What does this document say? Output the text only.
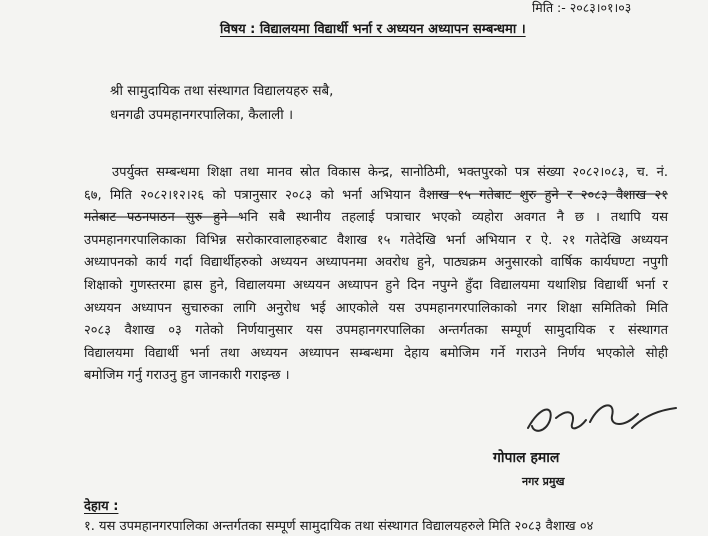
मिति :- २०८३।०१।०३
विषय : विद्यालयमा विद्यार्थी भर्ना र अध्ययन अध्यापन सम्बन्धमा ।
श्री सामुदायिक तथा संस्थागत विद्यालयहरु सबै,
धनगढी उपमहानगरपालिका, कैलाली ।
उपर्युक्त सम्बन्धमा शिक्षा तथा मानव स्रोत विकास केन्द्र, सानोठिमी, भक्तपुरको पत्र संख्या २०८२।०८३, च. नं.
६७, मिति २०८२।१२।२६ को पत्रानुसार २०८३ को भर्ना अभियान वैशाख १५ गतेबाट शुरु हुने र २०८३ वैशाख २१
गतेबाट पठनपाठन सुरु हुने भनि सबै स्थानीय तहलाई पत्राचार भएको व्यहोरा अवगत नै छ । तथापि यस
उपमहानगरपालिकाका विभिन्न सरोकारवालाहरुबाट वैशाख १५ गतेदेखि भर्ना अभियान र ऐ. २१ गतेदेखि अध्ययन
अध्यापनको कार्य गर्दा विद्यार्थीहरुको अध्ययन अध्यापनमा अवरोध हुने, पाठ्यक्रम अनुसारको वार्षिक कार्यघण्टा नपुगी
शिक्षाको गुणस्तरमा ह्रास हुने, विद्यालयमा अध्ययन अध्यापन हुने दिन नपुग्ने हुँदा विद्यालयमा यथाशिघ्र विद्यार्थी भर्ना र
अध्ययन अध्यापन सुचारुका लागि अनुरोध भई आएकोले यस उपमहानगरपालिकाको नगर शिक्षा समितिको मिति
२०८३ वैशाख ०३ गतेको निर्णयानुसार यस उपमहानगरपालिका अन्तर्गतका सम्पूर्ण सामुदायिक र संस्थागत
विद्यालयमा विद्यार्थी भर्ना तथा अध्ययन अध्यापन सम्बन्धमा देहाय बमोजिम गर्ने गराउने निर्णय भएकोले सोही
बमोजिम गर्नु गराउनु हुन जानकारी गराइन्छ ।
गोपाल हमाल
नगर प्रमुख
देहाय :
१. यस उपमहानगरपालिका अन्तर्गतका सम्पूर्ण सामुदायिक तथा संस्थागत विद्यालयहरुले मिति २०८३ वैशाख ०४
